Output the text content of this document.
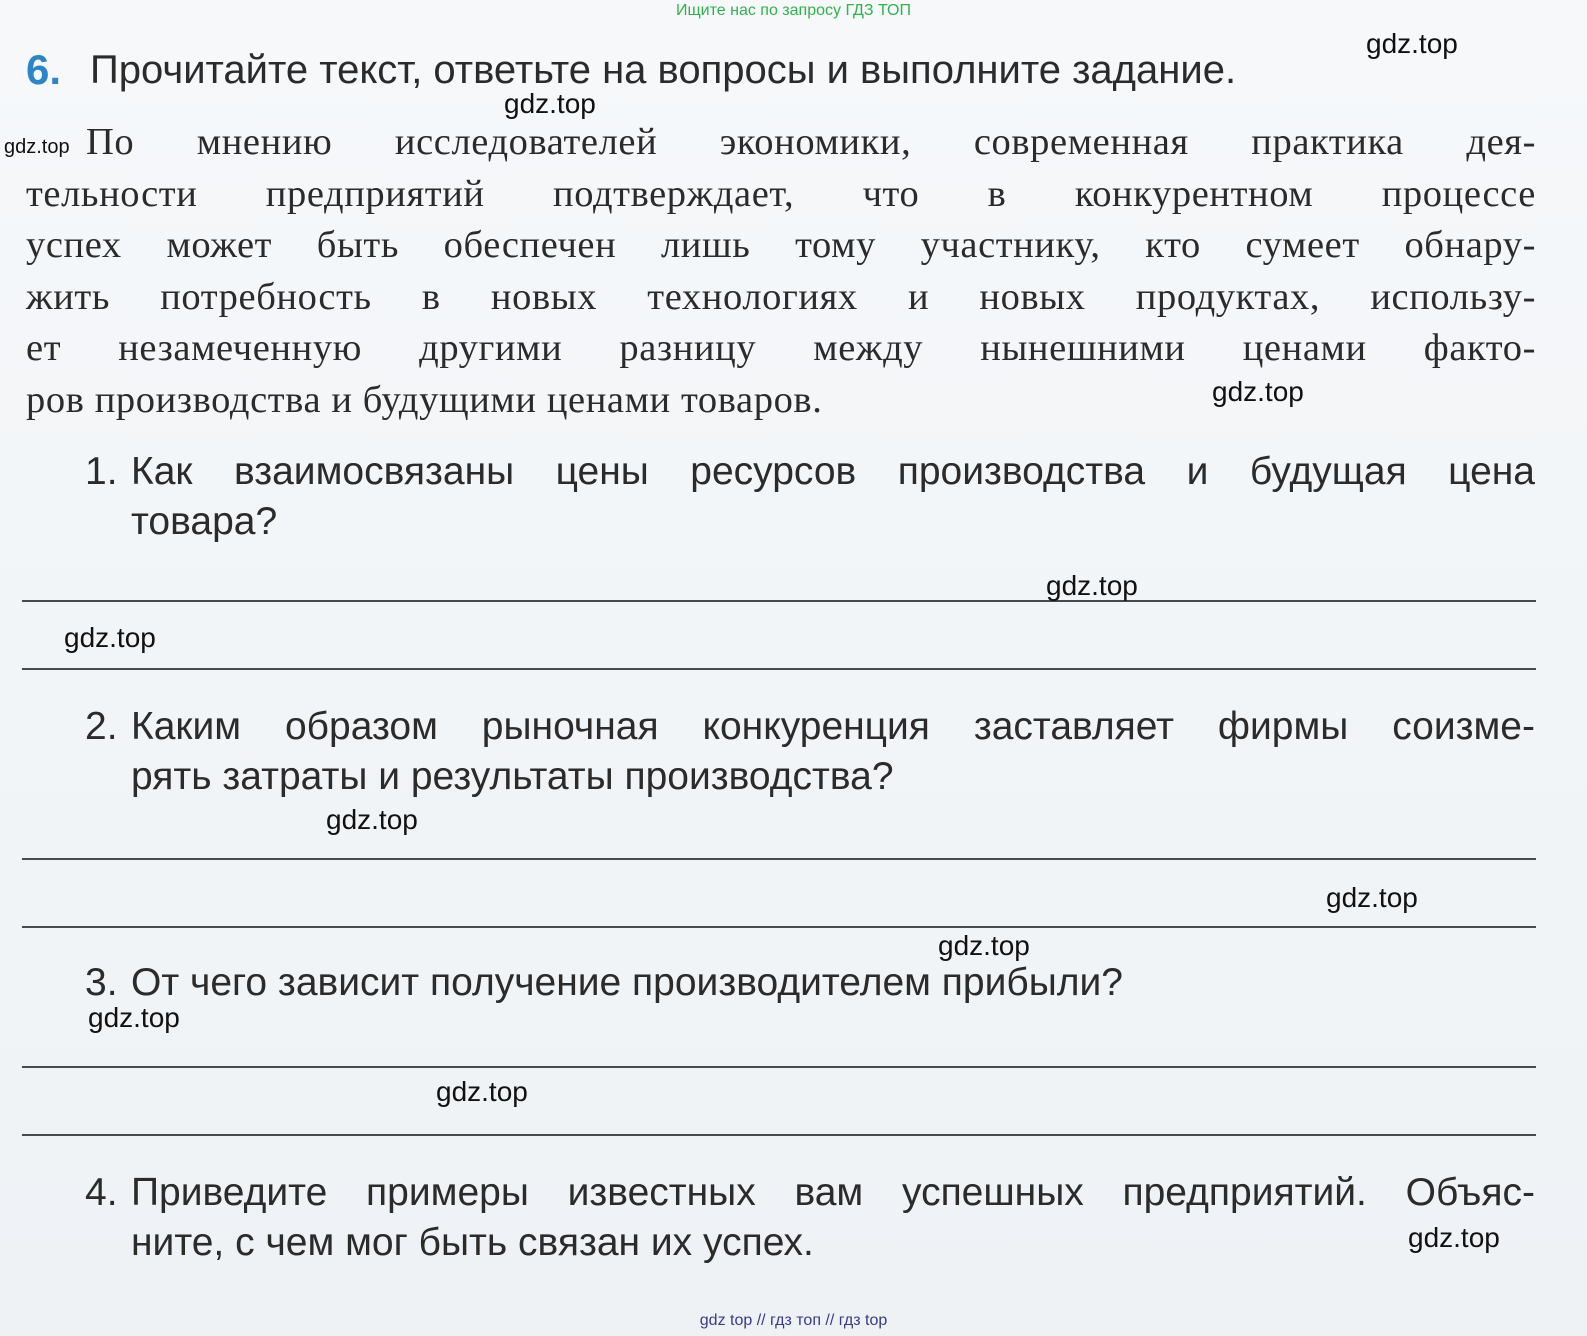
Ищите нас по запросу ГДЗ ТОП
6. Прочитайте текст, ответьте на вопросы и выполните задание.
По мнению исследователей экономики, современная практика дея-
тельности предприятий подтверждает, что в конкурентном процессе
успех может быть обеспечен лишь тому участнику, кто сумеет обнару-
жить потребность в новых технологиях и новых продуктах, использу-
ет незамеченную другими разницу между нынешними ценами факто-
ров производства и будущими ценами товаров.
1. Как взаимосвязаны цены ресурсов производства и будущая цена
товара?
2. Каким образом рыночная конкуренция заставляет фирмы соизме-
рять затраты и результаты производства?
3. От чего зависит получение производителем прибыли?
4. Приведите примеры известных вам успешных предприятий. Объяс-
ните, с чем мог быть связан их успех.
gdz.top
gdz.top
gdz.top
gdz.top
gdz.top
gdz.top
gdz.top
gdz.top
gdz.top
gdz.top
gdz.top
gdz.top
gdz top // гдз топ // гдз top
